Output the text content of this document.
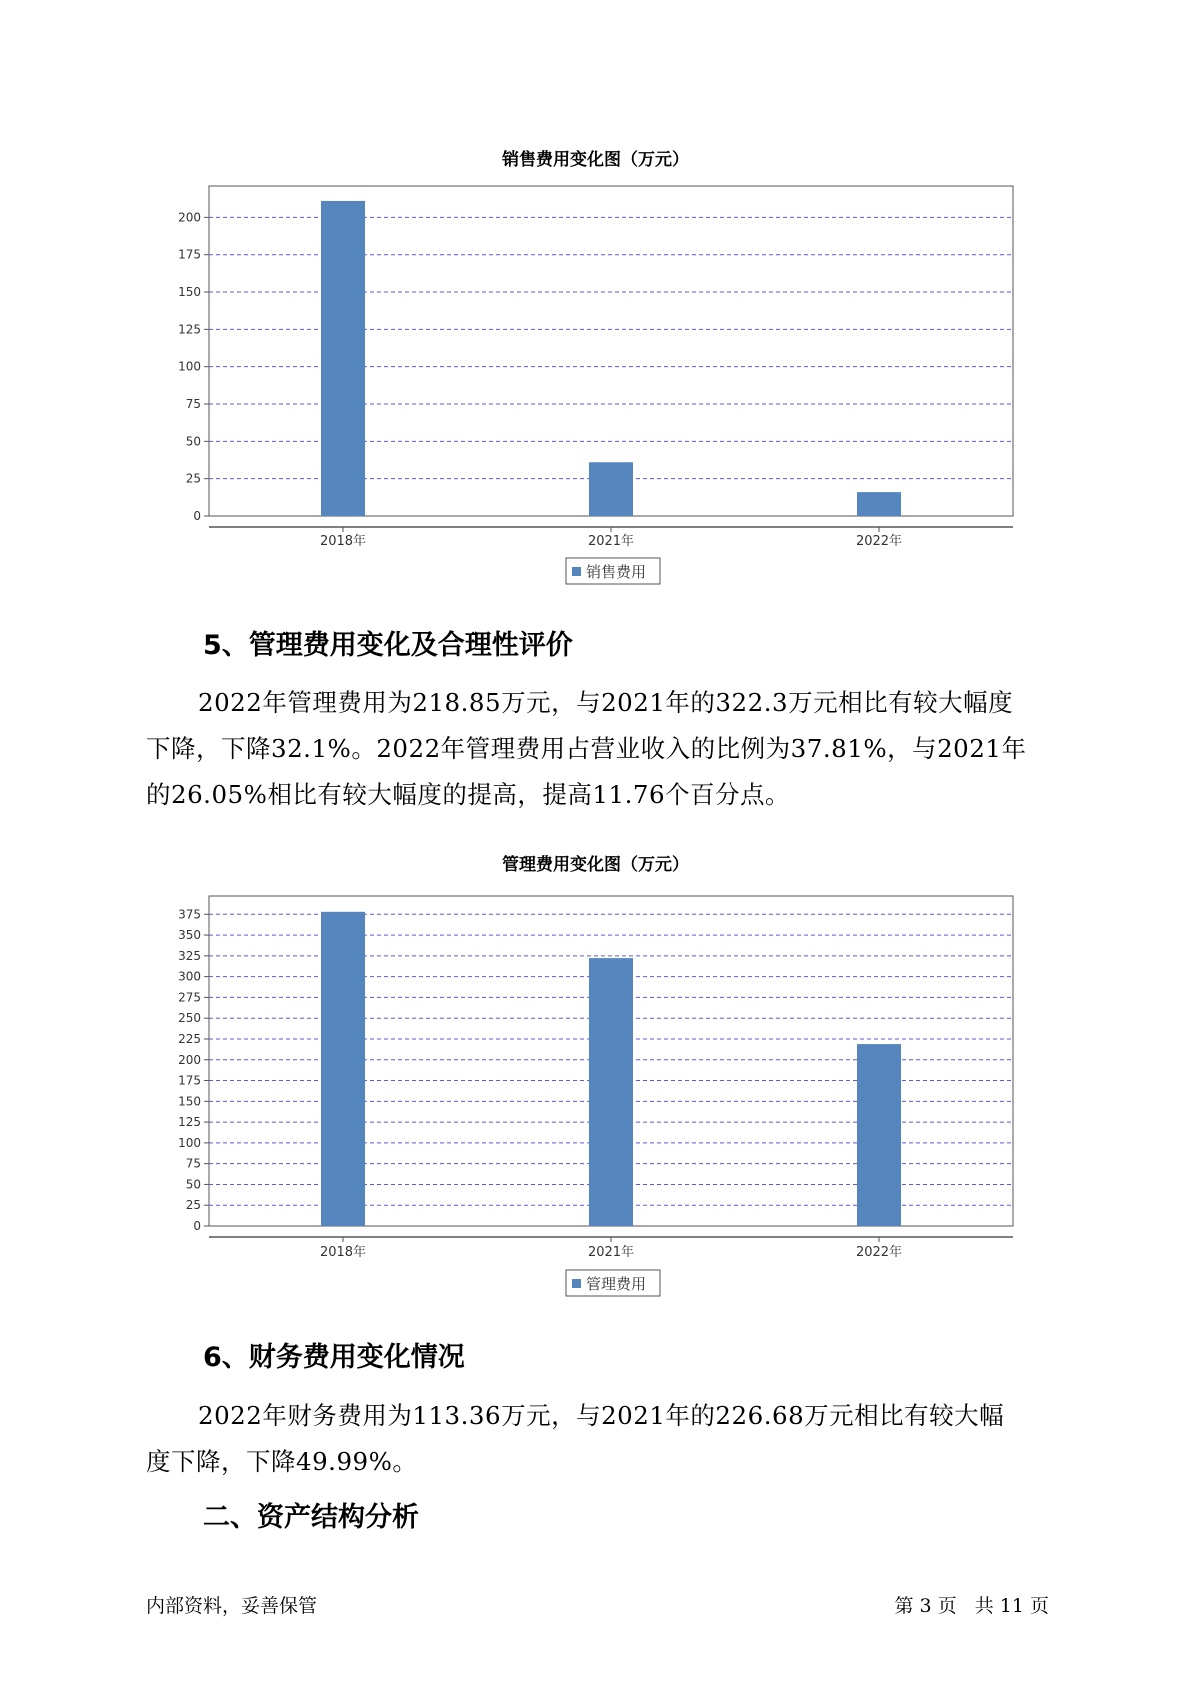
销售费用变化图（万元）
0
25
50
75
100
125
150
175
200
2018年	2021年	2022年
销售费用
5、管理费用变化及合理性评价
2022年管理费用为218.85万元，与2021年的322.3万元相比有较大幅度
下降，下降32.1%。2022年管理费用占营业收入的比例为37.81%，与2021年
的26.05%相比有较大幅度的提高，提高11.76个百分点。
管理费用变化图（万元）
0
25
50
75
100
125
150
175
200
225
250
275
300
325
350
375
2018年	2021年	2022年
管理费用
6、财务费用变化情况
2022年财务费用为113.36万元，与2021年的226.68万元相比有较大幅
度下降，下降49.99%。
二、资产结构分析
内部资料，妥善保管	第 3 页   共 11 页
